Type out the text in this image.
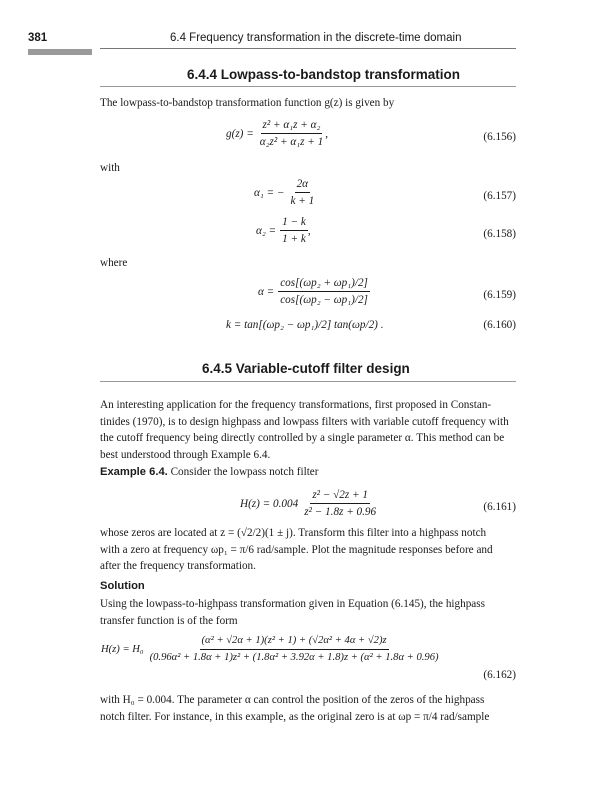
381	6.4 Frequency transformation in the discrete-time domain
6.4.4 Lowpass-to-bandstop transformation
The lowpass-to-bandstop transformation function g(z) is given by
$g(z) = \frac{\text{z² + α₁z + α₂}}{\text{α₂z² + α₁z + 1}}$ ,	(6.156)
with
α₁ = − $\frac{2\alpha}{k + 1}$	(6.157)
$\alpha_2 = \frac{1 - k}{1 + k}$ ,	(6.158)
where
$\alpha = \frac{\text{cos[(ωp₂ + ωp₁)/2]}}{\text{cos[(ωp₂ − ωp₁)/2]}}$	(6.159)
k = tan[(ωp₂ − ωp₁)/2] tan(ωp/2) .	(6.160)
6.4.5 Variable-cutoff filter design
An interesting application for the frequency transformations, first proposed in Constan-
tinides (1970), is to design highpass and lowpass filters with variable cutoff frequency with
the cutoff frequency being directly controlled by a single parameter α. This method can be
best understood through Example 6.4.
Example 6.4. Consider the lowpass notch filter
$H(z) = 0.004 \frac{\text{z² − √2z + 1}}{\text{z² − 1.8z + 0.96}}$	(6.161)
whose zeros are located at z = (√2/2)(1 ± j). Transform this filter into a highpass notch
with a zero at frequency ωp₁ = π/6 rad/sample. Plot the magnitude responses before and
after the frequency transformation.
Solution
Using the lowpass-to-highpass transformation given in Equation (6.145), the highpass
transfer function is of the form
H(z) = H₀
(α² + √2α + 1)(z² + 1) + (√2α² + 4α + √2)z
(0.96α² + 1.8α + 1)z² + (1.8α² + 3.92α + 1.8)z + (α² + 1.8α + 0.96)
(6.162)
with H₀ = 0.004. The parameter α can control the position of the zeros of the highpass
notch filter. For instance, in this example, as the original zero is at ωp = π/4 rad/sample
